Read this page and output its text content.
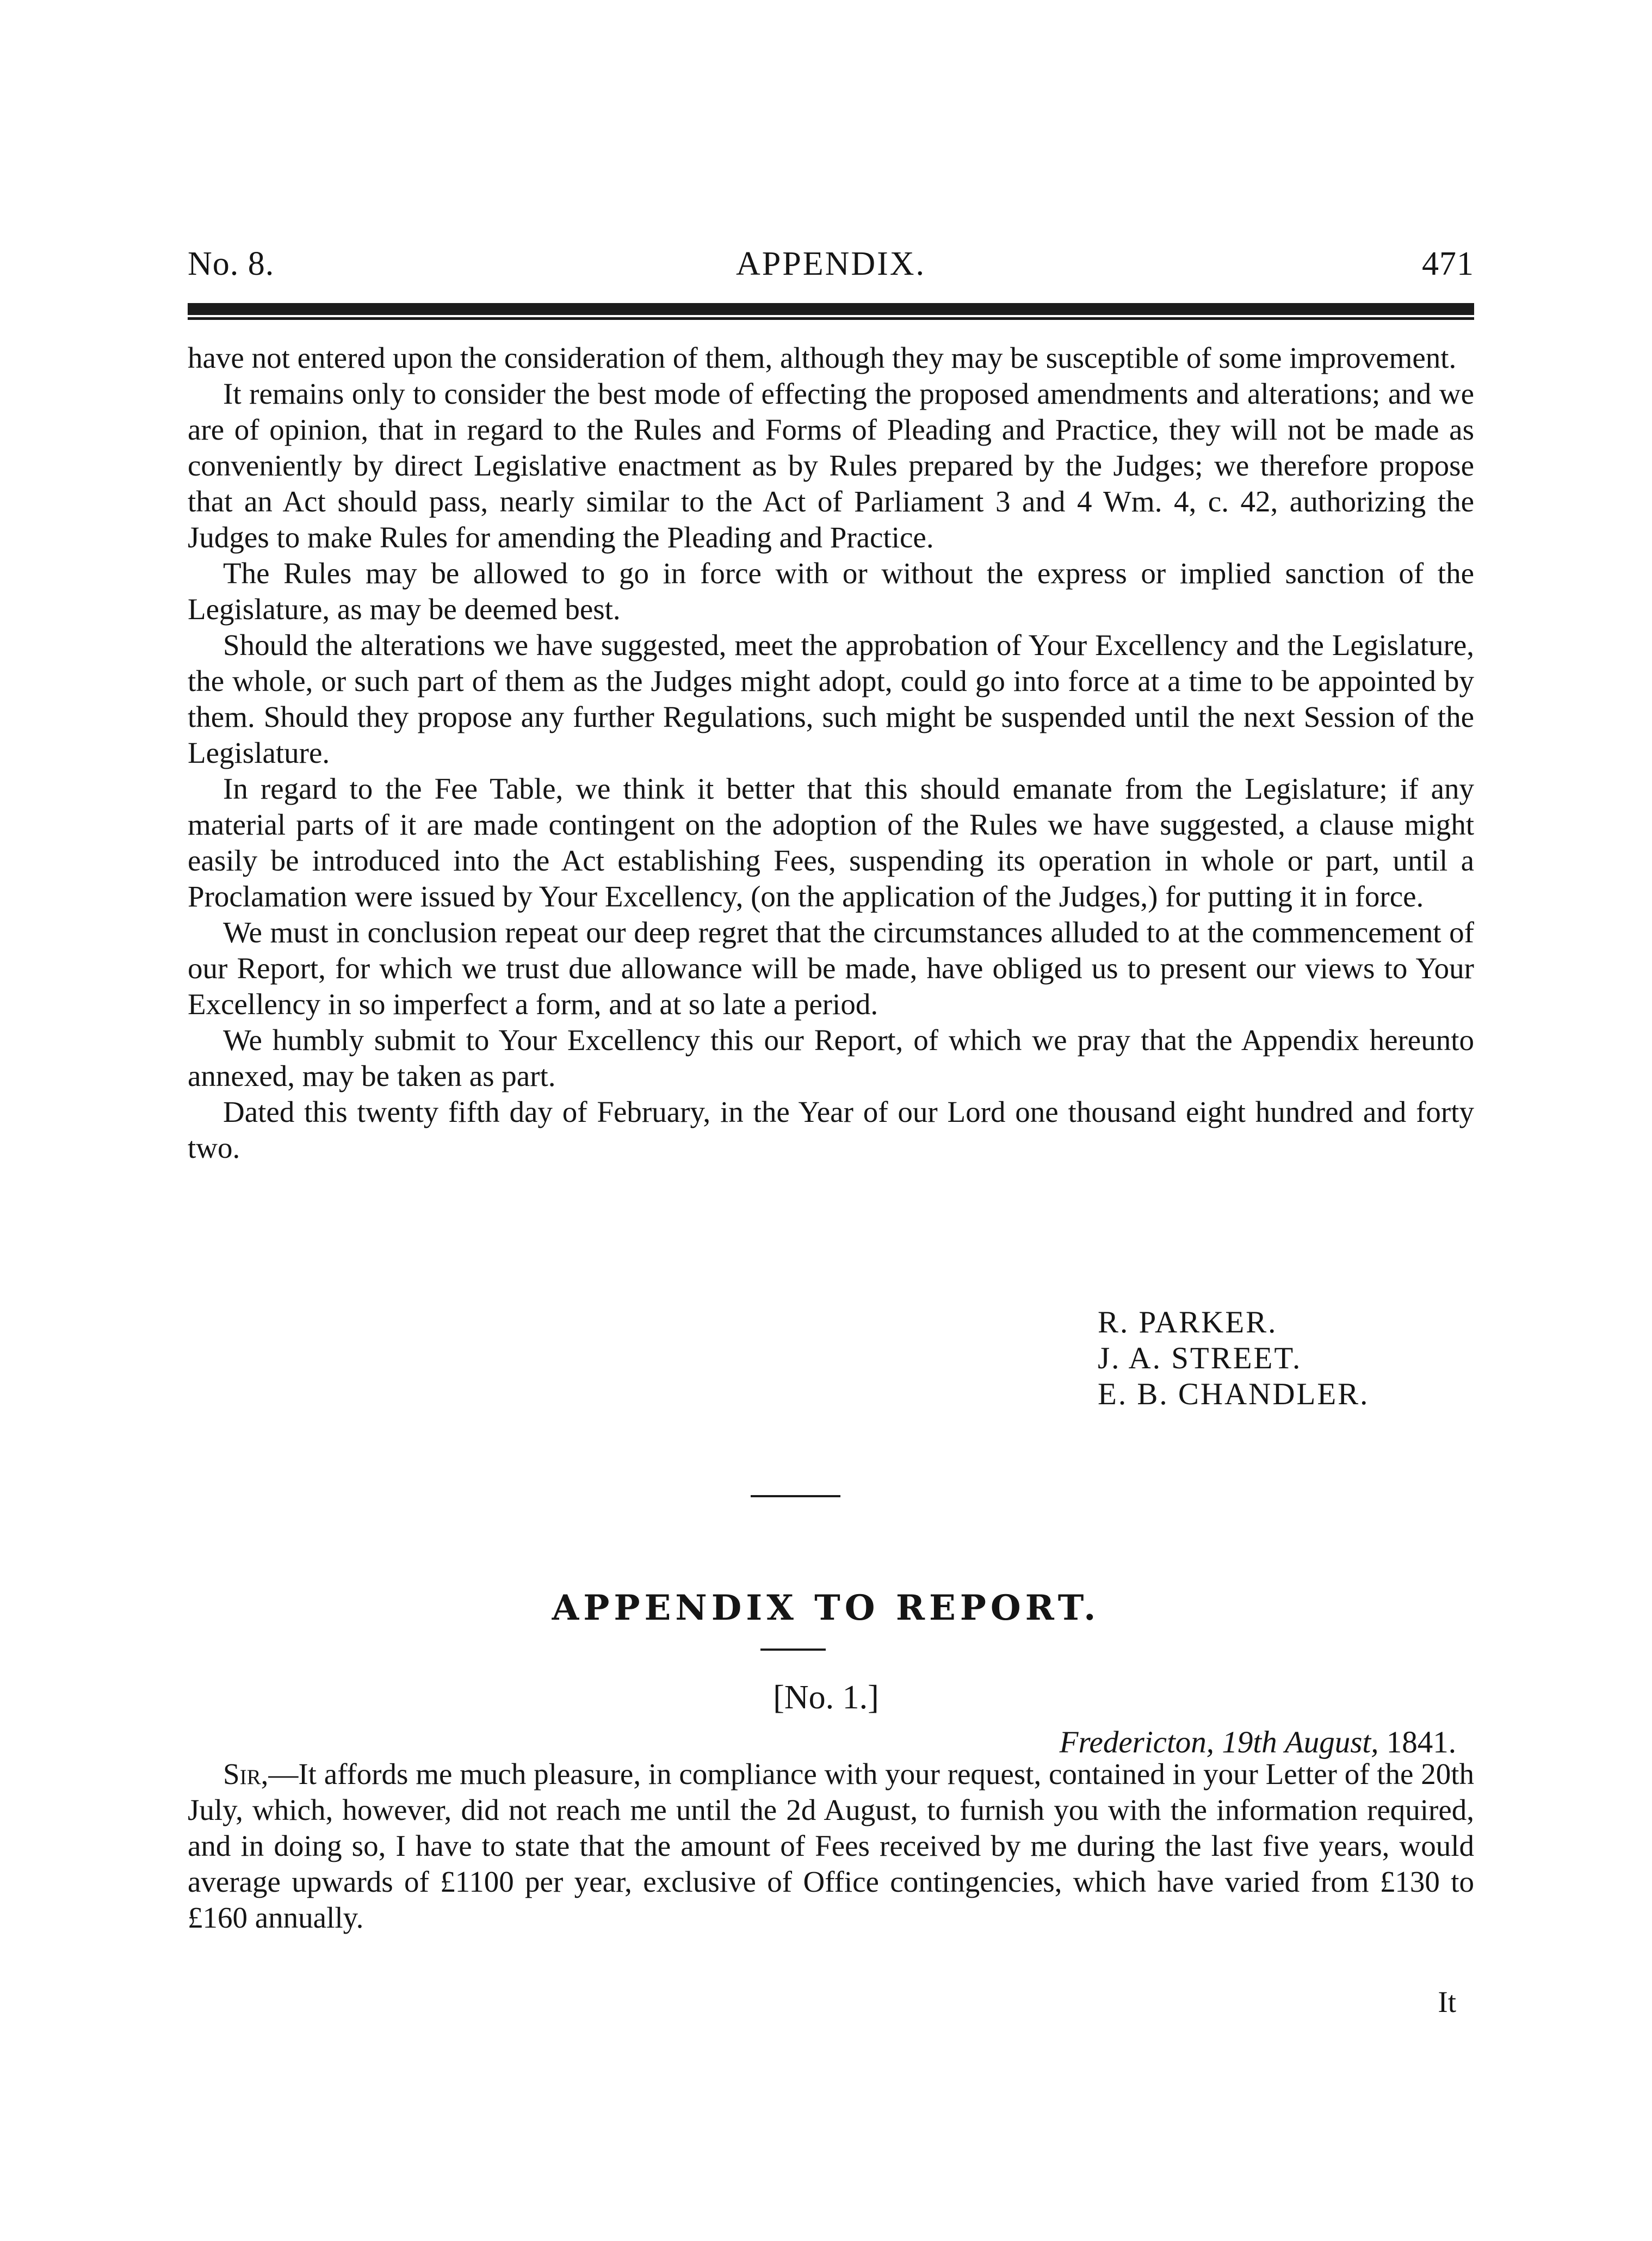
No. 8.	APPENDIX.	471

have not entered upon the consideration of them, although they may be susceptible of some improvement.

It remains only to consider the best mode of effecting the proposed amendments and alterations; and we are of opinion, that in regard to the Rules and Forms of Pleading and Practice, they will not be made as conveniently by direct Legislative enactment as by Rules prepared by the Judges; we therefore propose that an Act should pass, nearly similar to the Act of Parliament 3 and 4 Wm. 4, c. 42, authorizing the Judges to make Rules for amending the Pleading and Practice.

The Rules may be allowed to go in force with or without the express or implied sanction of the Legislature, as may be deemed best.

Should the alterations we have suggested, meet the approbation of Your Excellency and the Legislature, the whole, or such part of them as the Judges might adopt, could go into force at a time to be appointed by them. Should they propose any further Regulations, such might be suspended until the next Session of the Legislature.

In regard to the Fee Table, we think it better that this should emanate from the Legislature; if any material parts of it are made contingent on the adoption of the Rules we have suggested, a clause might easily be introduced into the Act establishing Fees, suspending its operation in whole or part, until a Proclamation were issued by Your Excellency, (on the application of the Judges,) for putting it in force.

We must in conclusion repeat our deep regret that the circumstances alluded to at the commencement of our Report, for which we trust due allowance will be made, have obliged us to present our views to Your Excellency in so imperfect a form, and at so late a period.

We humbly submit to Your Excellency this our Report, of which we pray that the Appendix hereunto annexed, may be taken as part.

Dated this twenty fifth day of February, in the Year of our Lord one thousand eight hundred and forty two.

R. PARKER.
J. A. STREET.
E. B. CHANDLER.
APPENDIX TO REPORT.
[No. 1.]
Fredericton, 19th August, 1841.

Sir,—It affords me much pleasure, in compliance with your request, contained in your Letter of the 20th July, which, however, did not reach me until the 2d August, to furnish you with the information required, and in doing so, I have to state that the amount of Fees received by me during the last five years, would average upwards of £1100 per year, exclusive of Office contingencies, which have varied from £130 to £160 annually.

It
